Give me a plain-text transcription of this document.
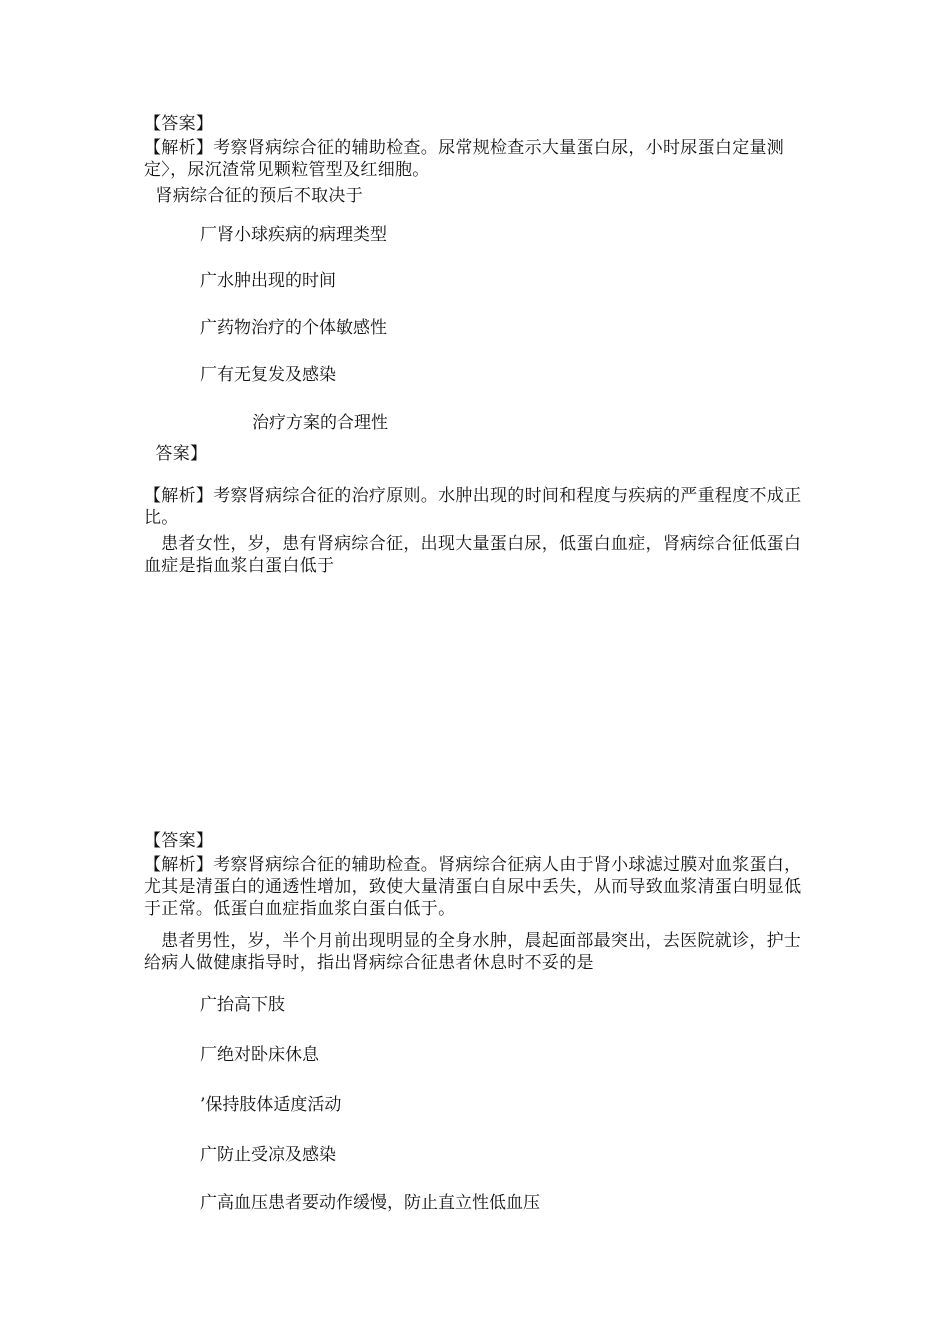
【答案】
【解析】考察肾病综合征的辅助检查。尿常规检查示大量蛋白尿，小时尿蛋白定量测定〉，尿沉渣常见颗粒管型及红细胞。
肾病综合征的预后不取决于
厂肾小球疾病的病理类型
广水肿出现的时间
广药物治疗的个体敏感性
厂有无复发及感染
治疗方案的合理性
答案】
【解析】考察肾病综合征的治疗原则。水肿出现的时间和程度与疾病的严重程度不成正比。
患者女性，岁，患有肾病综合征，出现大量蛋白尿，低蛋白血症，肾病综合征低蛋白血症是指血浆白蛋白低于
【答案】
【解析】考察肾病综合征的辅助检查。肾病综合征病人由于肾小球滤过膜对血浆蛋白，尤其是清蛋白的通透性增加，致使大量清蛋白自尿中丢失，从而导致血浆清蛋白明显低于正常。低蛋白血症指血浆白蛋白低于。
患者男性，岁，半个月前出现明显的全身水肿，晨起面部最突出，去医院就诊，护士给病人做健康指导时，指出肾病综合征患者休息时不妥的是
广抬高下肢
厂绝对卧床休息
’保持肢体适度活动
广防止受凉及感染
广高血压患者要动作缓慢，防止直立性低血压
